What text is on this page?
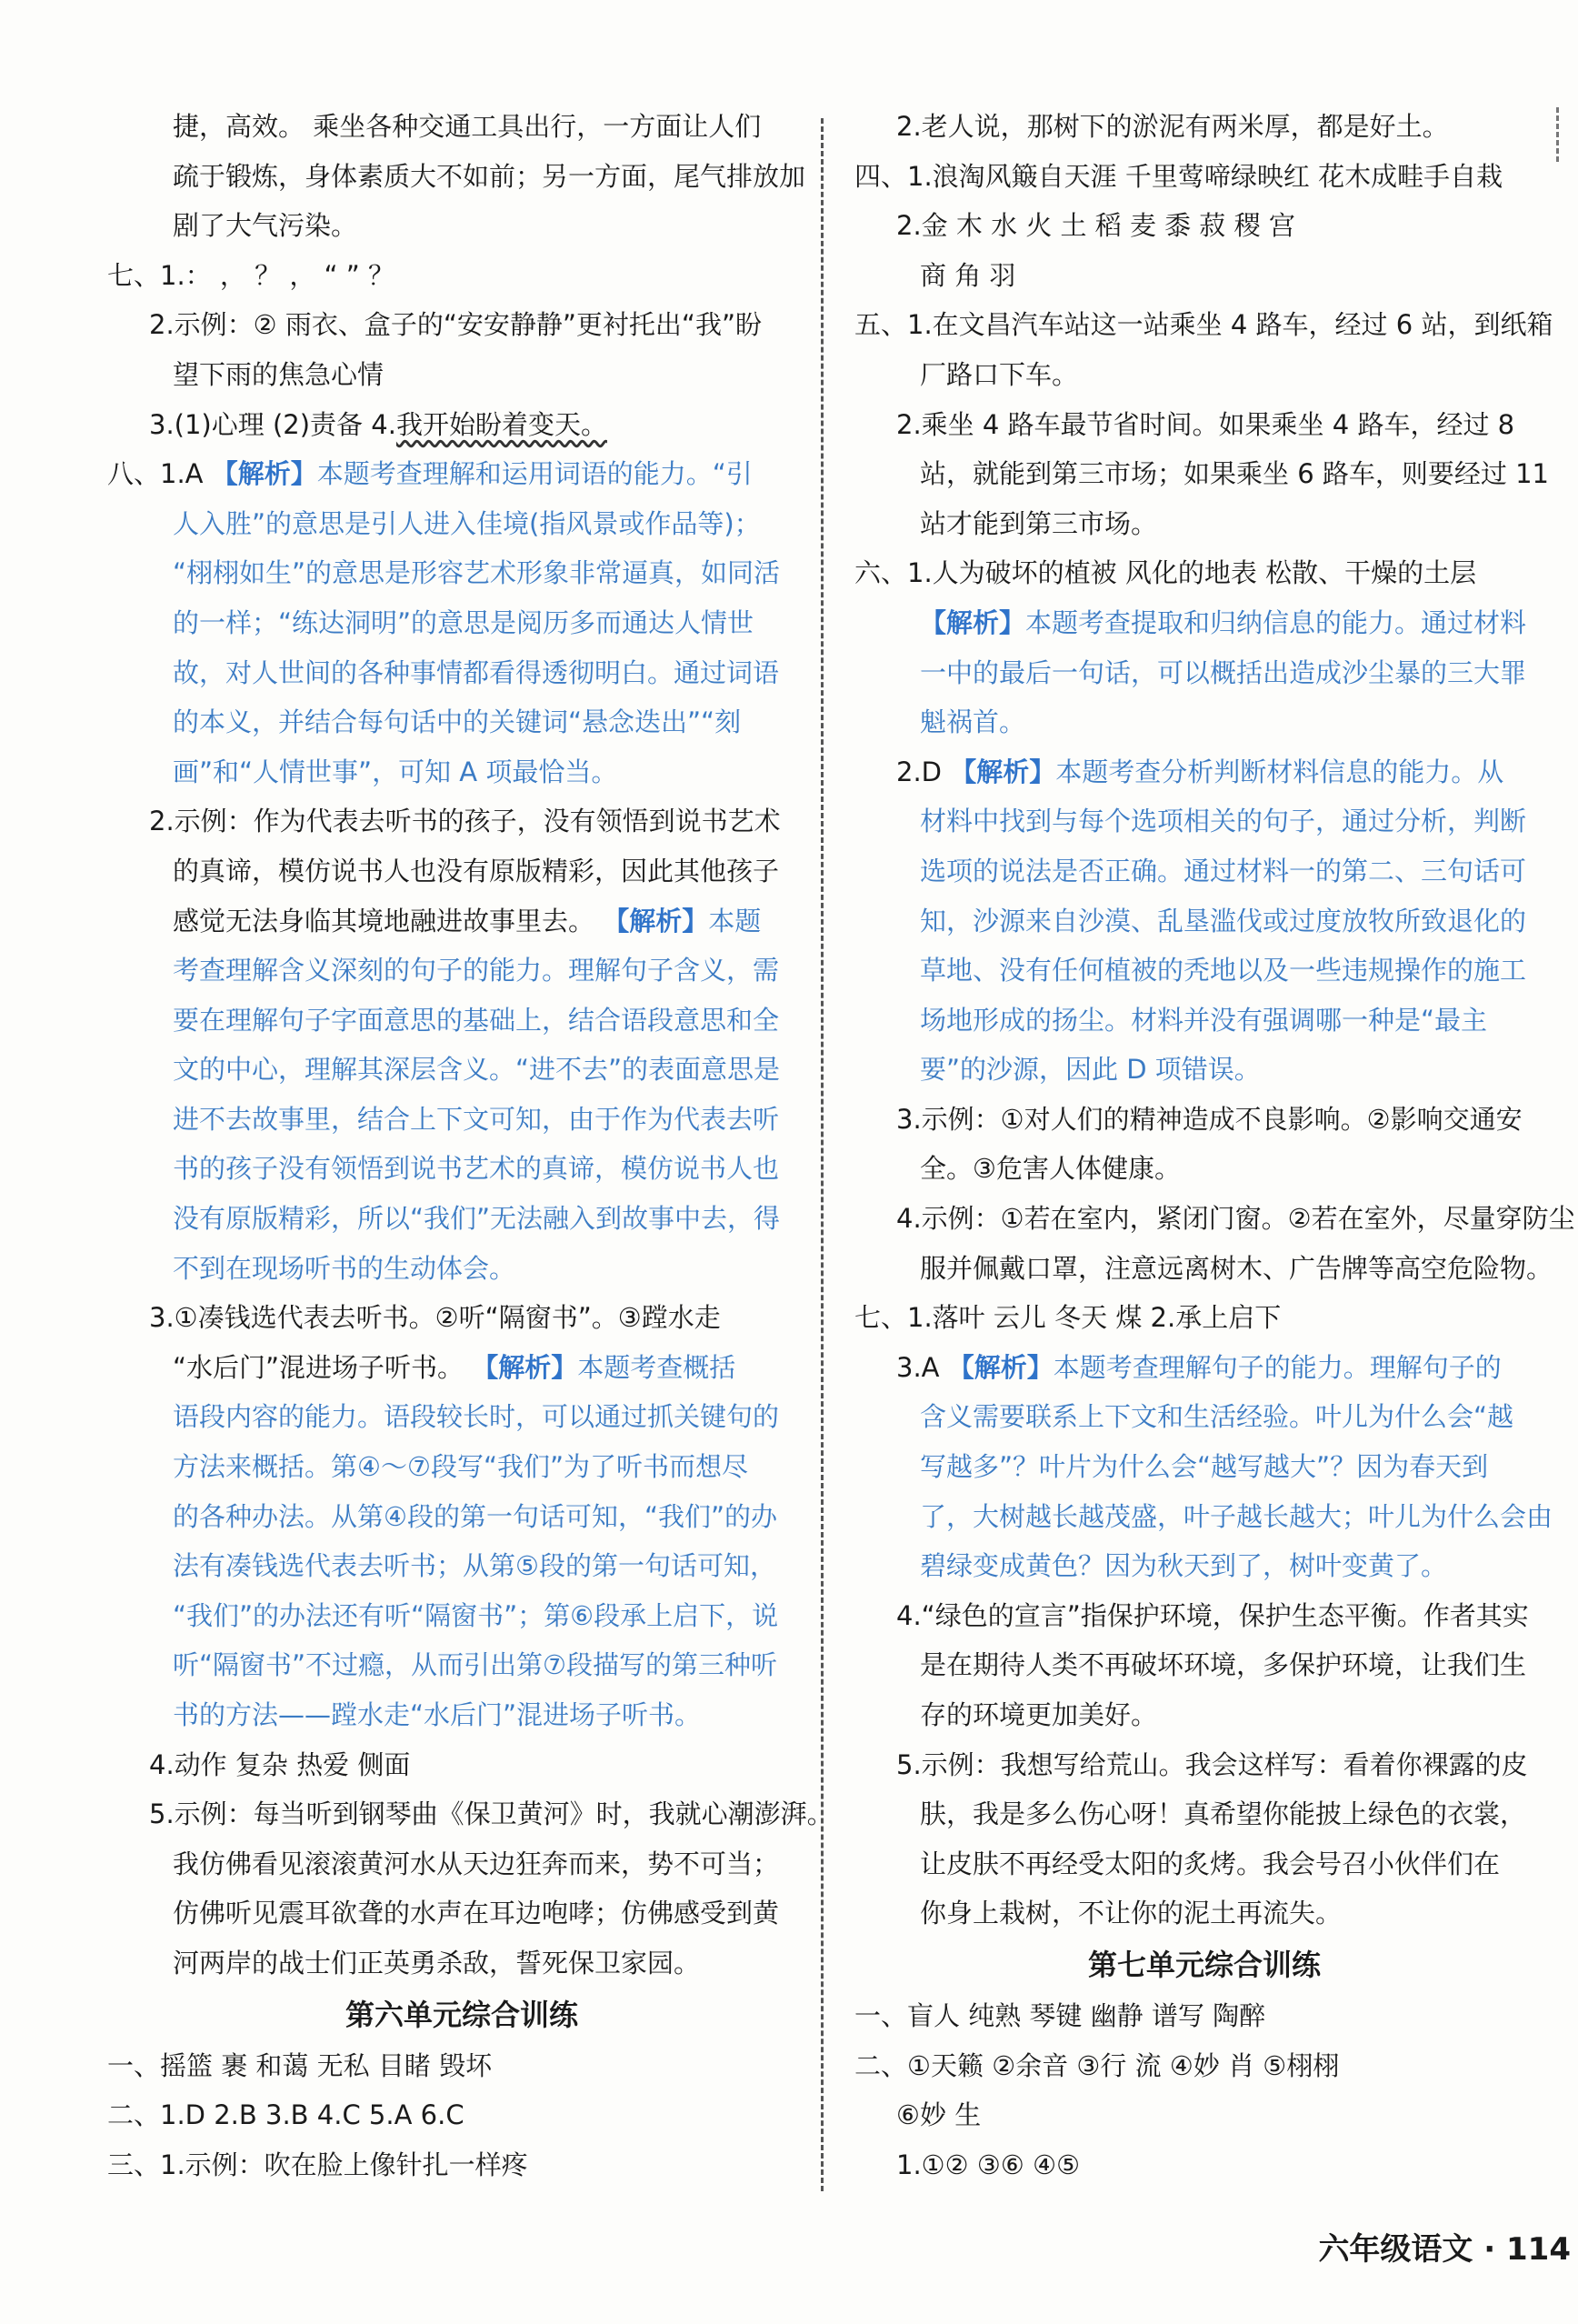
捷，高效。 乘坐各种交通工具出行，一方面让人们
疏于锻炼，身体素质大不如前；另一方面，尾气排放加
剧了大气污染。
七、1.： ， ？ ， “ ” ？
2.示例：② 雨衣、盒子的“安安静静”更衬托出“我”盼
望下雨的焦急心情
3.(1)心理 (2)责备 4.我开始盼着变天。
八、1.A 【解析】本题考查理解和运用词语的能力。“引
人入胜”的意思是引人进入佳境(指风景或作品等)；
“栩栩如生”的意思是形容艺术形象非常逼真，如同活
的一样；“练达洞明”的意思是阅历多而通达人情世
故，对人世间的各种事情都看得透彻明白。通过词语
的本义，并结合每句话中的关键词“悬念迭出”“刻
画”和“人情世事”，可知 A 项最恰当。
2.示例：作为代表去听书的孩子，没有领悟到说书艺术
的真谛，模仿说书人也没有原版精彩，因此其他孩子
感觉无法身临其境地融进故事里去。 【解析】本题
考查理解含义深刻的句子的能力。理解句子含义，需
要在理解句子字面意思的基础上，结合语段意思和全
文的中心，理解其深层含义。“进不去”的表面意思是
进不去故事里，结合上下文可知，由于作为代表去听
书的孩子没有领悟到说书艺术的真谛，模仿说书人也
没有原版精彩，所以“我们”无法融入到故事中去，得
不到在现场听书的生动体会。
3.①凑钱选代表去听书。②听“隔窗书”。③蹚水走
“水后门”混进场子听书。 【解析】本题考查概括
语段内容的能力。语段较长时，可以通过抓关键句的
方法来概括。第④～⑦段写“我们”为了听书而想尽
的各种办法。从第④段的第一句话可知，“我们”的办
法有凑钱选代表去听书；从第⑤段的第一句话可知，
“我们”的办法还有听“隔窗书”；第⑥段承上启下，说
听“隔窗书”不过瘾，从而引出第⑦段描写的第三种听
书的方法——蹚水走“水后门”混进场子听书。
4.动作 复杂 热爱 侧面
5.示例：每当听到钢琴曲《保卫黄河》时，我就心潮澎湃。
我仿佛看见滚滚黄河水从天边狂奔而来，势不可当；
仿佛听见震耳欲聋的水声在耳边咆哮；仿佛感受到黄
河两岸的战士们正英勇杀敌，誓死保卫家园。
第六单元综合训练
一、摇篮 裹 和蔼 无私 目睹 毁坏
二、1.D 2.B 3.B 4.C 5.A 6.C
三、1.示例：吹在脸上像针扎一样疼
2.老人说，那树下的淤泥有两米厚，都是好土。
四、1.浪淘风簸自天涯 千里莺啼绿映红 花木成畦手自栽
2.金 木 水 火 土 稻 麦 黍 菽 稷 宫
商 角 羽
五、1.在文昌汽车站这一站乘坐 4 路车，经过 6 站，到纸箱
厂路口下车。
2.乘坐 4 路车最节省时间。如果乘坐 4 路车，经过 8
站，就能到第三市场；如果乘坐 6 路车，则要经过 11
站才能到第三市场。
六、1.人为破坏的植被 风化的地表 松散、干燥的土层
【解析】本题考查提取和归纳信息的能力。通过材料
一中的最后一句话，可以概括出造成沙尘暴的三大罪
魁祸首。
2.D 【解析】本题考查分析判断材料信息的能力。从
材料中找到与每个选项相关的句子，通过分析，判断
选项的说法是否正确。通过材料一的第二、三句话可
知，沙源来自沙漠、乱垦滥伐或过度放牧所致退化的
草地、没有任何植被的秃地以及一些违规操作的施工
场地形成的扬尘。材料并没有强调哪一种是“最主
要”的沙源，因此 D 项错误。
3.示例：①对人们的精神造成不良影响。②影响交通安
全。③危害人体健康。
4.示例：①若在室内，紧闭门窗。②若在室外，尽量穿防尘
服并佩戴口罩，注意远离树木、广告牌等高空危险物。
七、1.落叶 云儿 冬天 煤 2.承上启下
3.A 【解析】本题考查理解句子的能力。理解句子的
含义需要联系上下文和生活经验。叶儿为什么会“越
写越多”？叶片为什么会“越写越大”？因为春天到
了，大树越长越茂盛，叶子越长越大；叶儿为什么会由
碧绿变成黄色？因为秋天到了，树叶变黄了。
4.“绿色的宣言”指保护环境，保护生态平衡。作者其实
是在期待人类不再破坏环境，多保护环境，让我们生
存的环境更加美好。
5.示例：我想写给荒山。我会这样写：看着你裸露的皮
肤，我是多么伤心呀！真希望你能披上绿色的衣裳，
让皮肤不再经受太阳的炙烤。我会号召小伙伴们在
你身上栽树，不让你的泥土再流失。
第七单元综合训练
一、盲人 纯熟 琴键 幽静 谱写 陶醉
二、①天籁 ②余音 ③行 流 ④妙 肖 ⑤栩栩
⑥妙 生
1.①② ③⑥ ④⑤
六年级语文 · 114
